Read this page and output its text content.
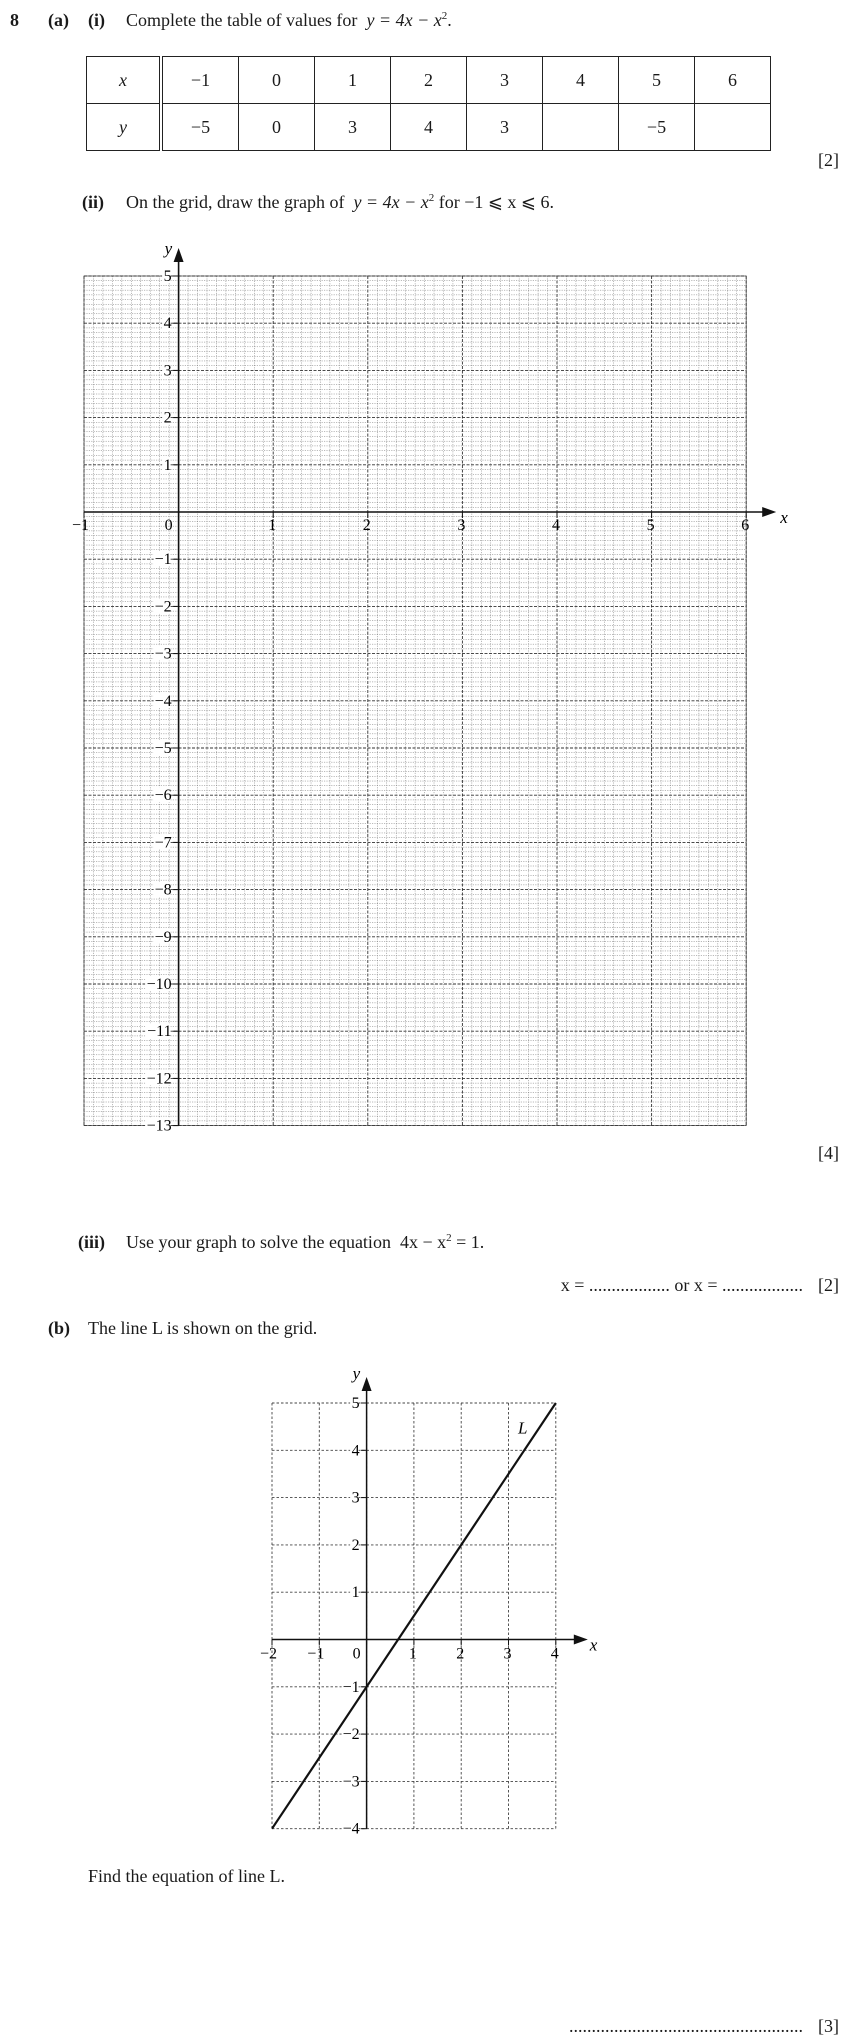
8 (a) (i) Complete the table of values for $y = 4x - x^2$.
x	−1	0	1	2	3	4	5	6
y	−5	0	3	4	3		−5	
[2]
(ii) On the grid, draw the graph of $y = 4x - x^2$ for −1 ⩽ x ⩽ 6.
x
y
−1	0	1	2	3	4	5	6
5
4
3
2
1
−1
−2
−3
−4
−5
−6
−7
−8
−9
−10
−11
−12
−13
[4]
(iii) Use your graph to solve the equation $4x - x^2 = 1$.
x = .................. or x = .................. [2]
(b) The line L is shown on the grid.
x
y
−2 −1 0	1 2 3 4
5
4
3
2
1
−1
−2
−3
−4
L
Find the equation of line L.
.................................................... [3]
